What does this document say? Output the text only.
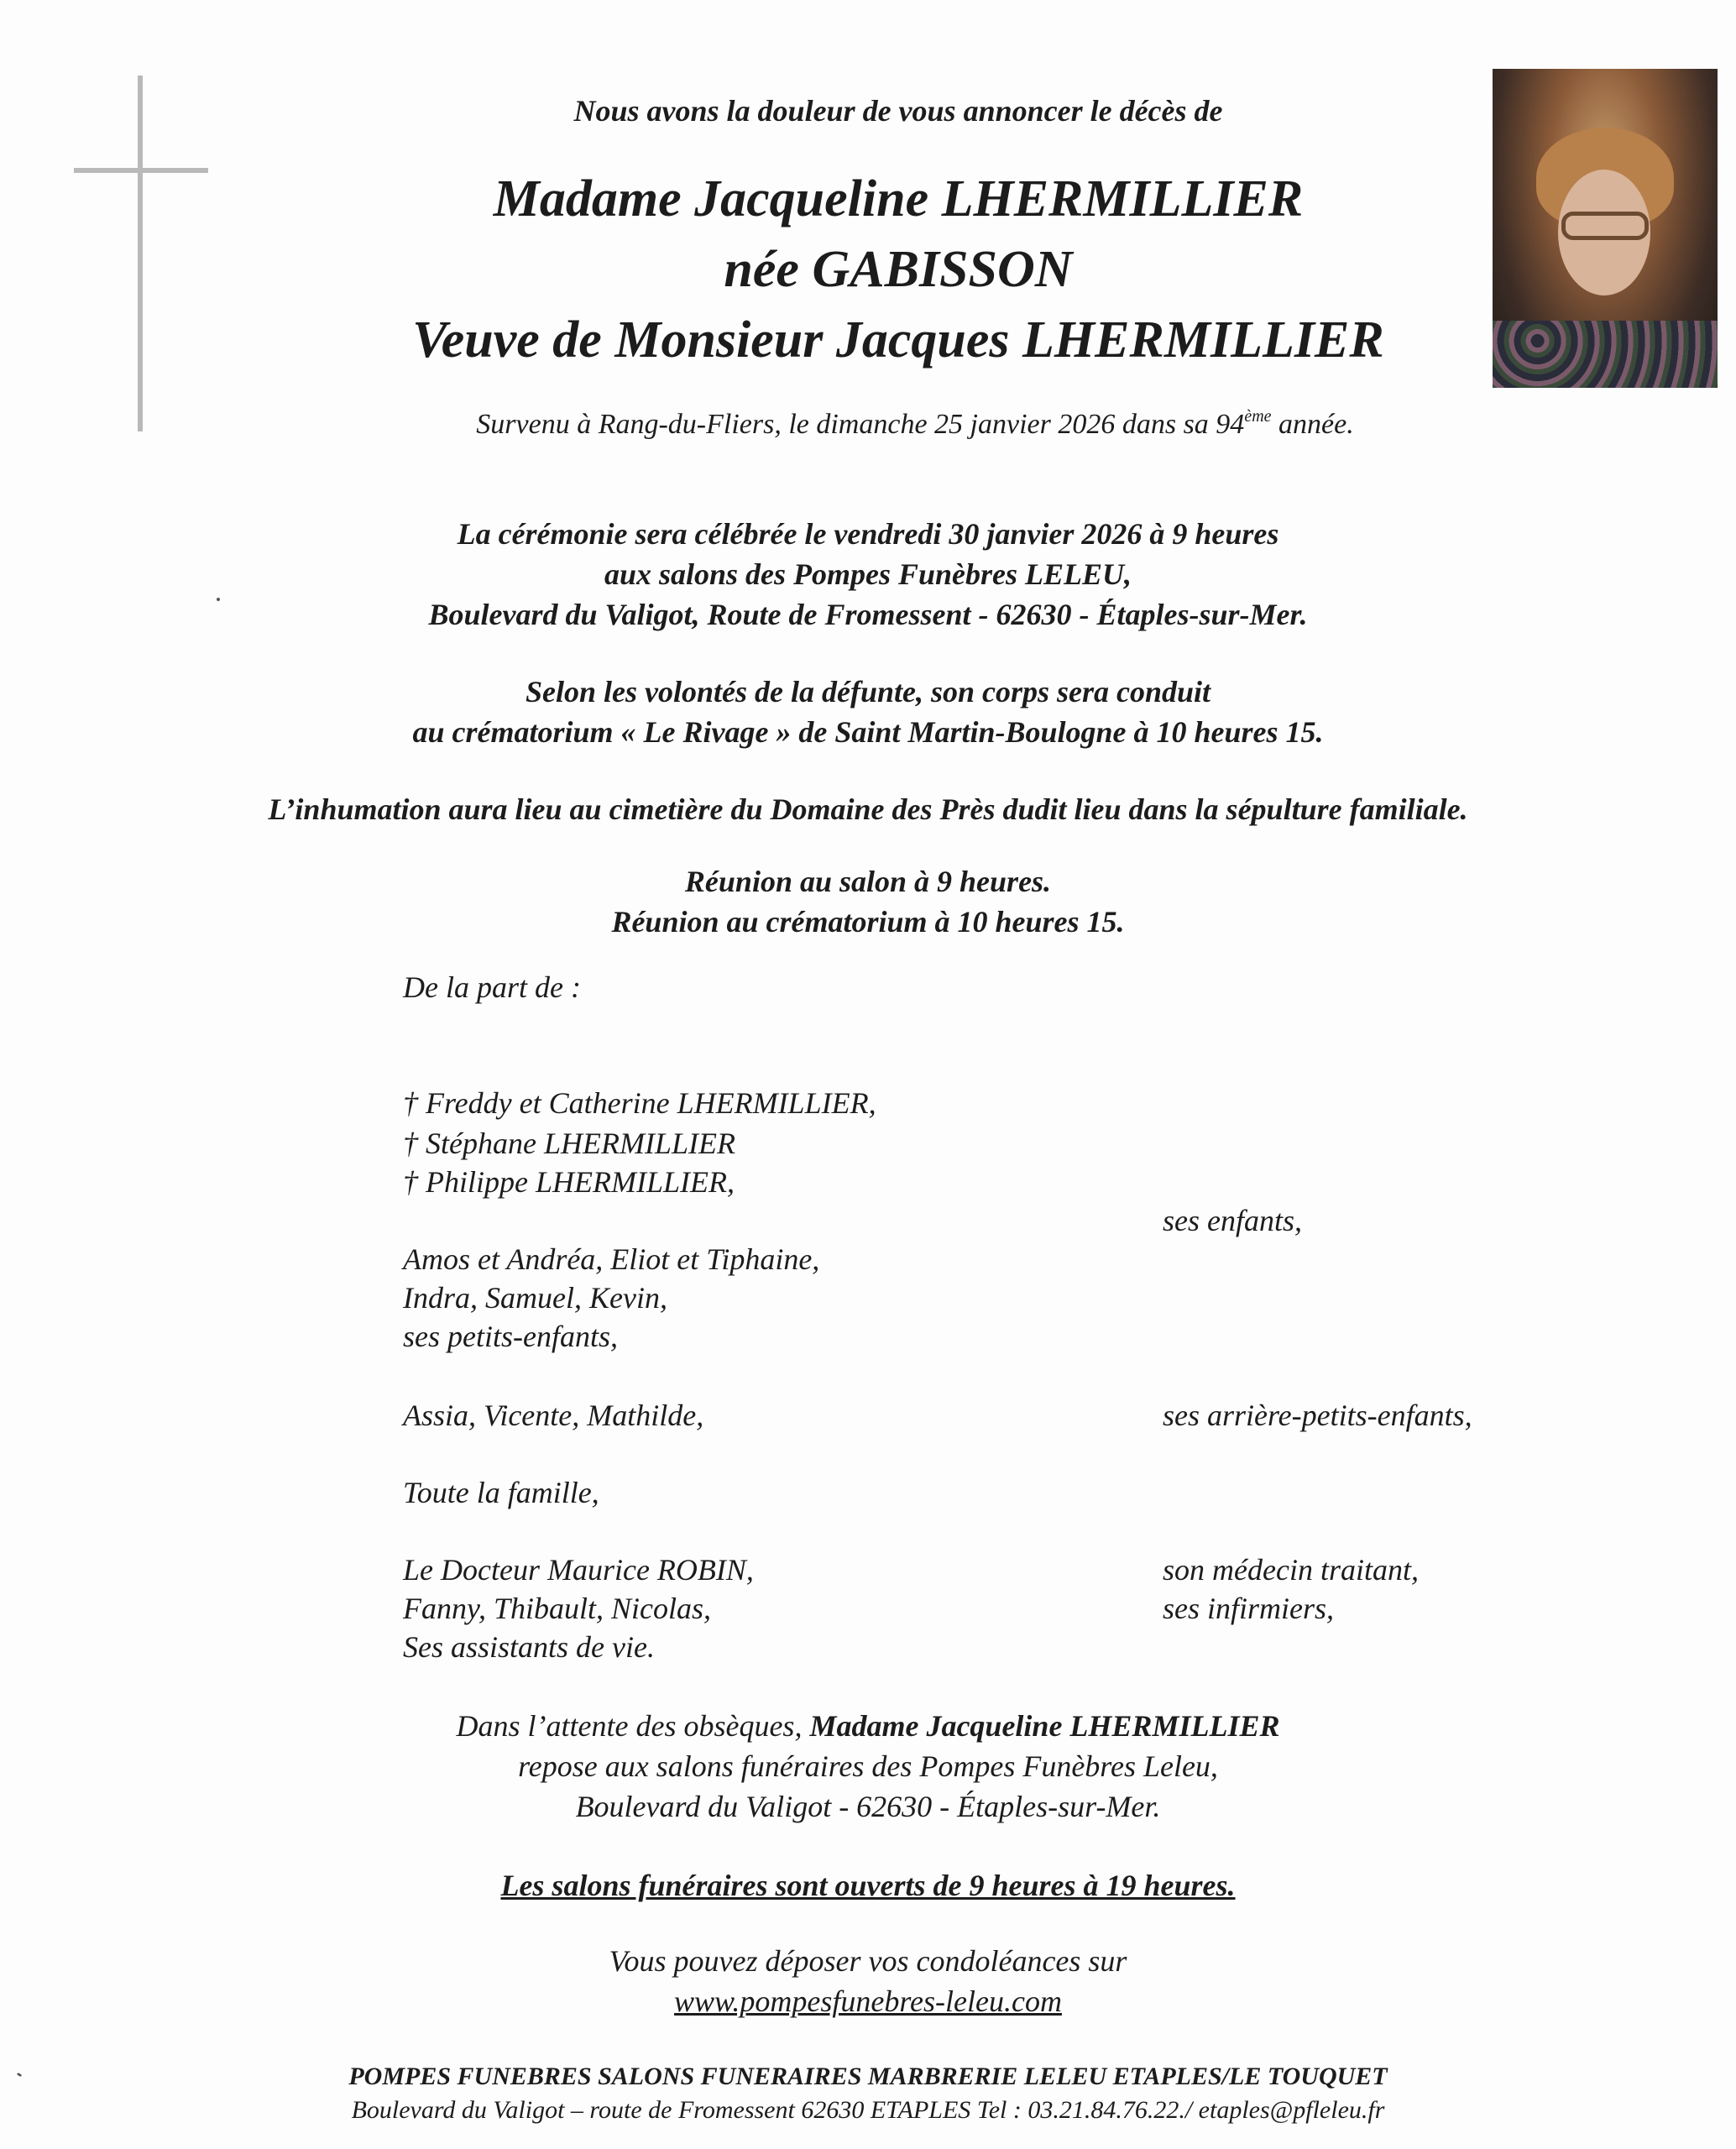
Nous avons la douleur de vous annoncer le décès de
Madame Jacqueline LHERMILLIER
née GABISSON
Veuve de Monsieur Jacques LHERMILLIER
Survenu à Rang-du-Fliers, le dimanche 25 janvier 2026 dans sa 94ème année.
La cérémonie sera célébrée le vendredi 30 janvier 2026 à 9 heures
aux salons des Pompes Funèbres LELEU,
Boulevard du Valigot, Route de Fromessent - 62630 - Étaples-sur-Mer.
Selon les volontés de la défunte, son corps sera conduit
au crématorium « Le Rivage » de Saint Martin-Boulogne à 10 heures 15.
L’inhumation aura lieu au cimetière du Domaine des Près dudit lieu dans la sépulture familiale.
Réunion au salon à 9 heures.
Réunion au crématorium à 10 heures 15.
De la part de :
† Freddy et Catherine LHERMILLIER,
† Stéphane LHERMILLIER
† Philippe LHERMILLIER,
ses enfants,
Amos et Andréa, Eliot et Tiphaine,
Indra, Samuel, Kevin,
ses petits-enfants,
Assia, Vicente, Mathilde,	ses arrière-petits-enfants,
Toute la famille,
Le Docteur Maurice ROBIN,
Fanny, Thibault, Nicolas,
Ses assistants de vie.
son médecin traitant,
ses infirmiers,
Dans l’attente des obsèques, Madame Jacqueline LHERMILLIER
repose aux salons funéraires des Pompes Funèbres Leleu,
Boulevard du Valigot - 62630 - Étaples-sur-Mer.
Les salons funéraires sont ouverts de 9 heures à 19 heures.
Vous pouvez déposer vos condoléances sur
www.pompesfunebres-leleu.com
POMPES FUNEBRES SALONS FUNERAIRES MARBRERIE LELEU ETAPLES/LE TOUQUET
Boulevard du Valigot – route de Fromessent 62630 ETAPLES Tel : 03.21.84.76.22./ etaples@pfleleu.fr
